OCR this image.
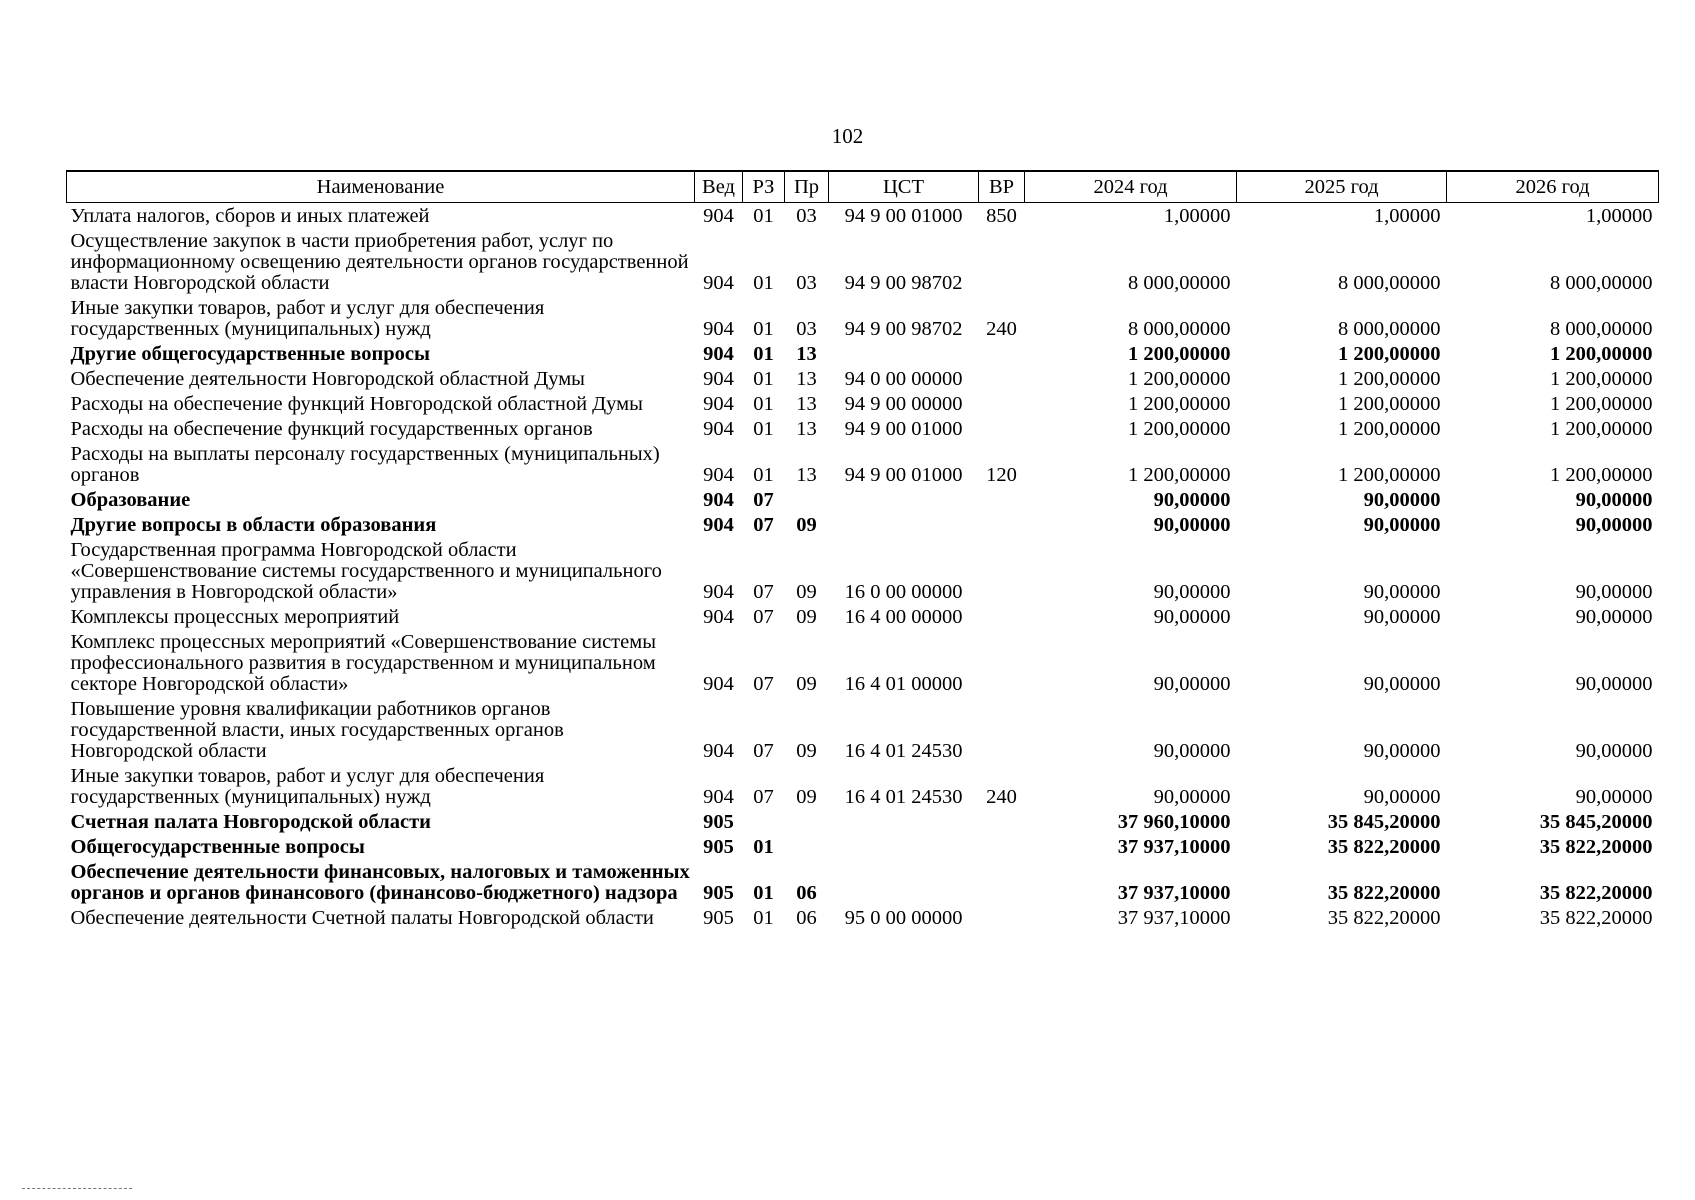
102
Наименование	Вед	РЗ	Пр	ЦСТ	ВР	2024 год	2025 год	2026 год
Уплата налогов, сборов и иных платежей	904	01	03	94 9 00 01000	850	1,00000	1,00000	1,00000
Осуществление закупок в части приобретения работ, услуг по информационному освещению деятельности органов государственной власти Новгородской области	904	01	03	94 9 00 98702		8 000,00000	8 000,00000	8 000,00000
Иные закупки товаров, работ и услуг для обеспечения государственных (муниципальных) нужд	904	01	03	94 9 00 98702	240	8 000,00000	8 000,00000	8 000,00000
Другие общегосударственные вопросы	904	01	13			1 200,00000	1 200,00000	1 200,00000
Обеспечение деятельности Новгородской областной Думы	904	01	13	94 0 00 00000		1 200,00000	1 200,00000	1 200,00000
Расходы на обеспечение функций Новгородской областной Думы	904	01	13	94 9 00 00000		1 200,00000	1 200,00000	1 200,00000
Расходы на обеспечение функций государственных органов	904	01	13	94 9 00 01000		1 200,00000	1 200,00000	1 200,00000
Расходы на выплаты персоналу государственных (муниципальных) органов	904	01	13	94 9 00 01000	120	1 200,00000	1 200,00000	1 200,00000
Образование	904	07				90,00000	90,00000	90,00000
Другие вопросы в области образования	904	07	09			90,00000	90,00000	90,00000
Государственная программа Новгородской области «Совершенствование системы государственного и муниципального управления в Новгородской области»	904	07	09	16 0 00 00000		90,00000	90,00000	90,00000
Комплексы процессных мероприятий	904	07	09	16 4 00 00000		90,00000	90,00000	90,00000
Комплекс процессных мероприятий «Совершенствование системы профессионального развития в государственном и муниципальном секторе Новгородской области»	904	07	09	16 4 01 00000		90,00000	90,00000	90,00000
Повышение уровня квалификации работников органов государственной власти, иных государственных органов Новгородской области	904	07	09	16 4 01 24530		90,00000	90,00000	90,00000
Иные закупки товаров, работ и услуг для обеспечения государственных (муниципальных) нужд	904	07	09	16 4 01 24530	240	90,00000	90,00000	90,00000
Счетная палата Новгородской области	905					37 960,10000	35 845,20000	35 845,20000
Общегосударственные вопросы	905	01				37 937,10000	35 822,20000	35 822,20000
Обеспечение деятельности финансовых, налоговых и таможенных органов и органов финансового (финансово-бюджетного) надзора	905	01	06			37 937,10000	35 822,20000	35 822,20000
Обеспечение деятельности Счетной палаты Новгородской области	905	01	06	95 0 00 00000		37 937,10000	35 822,20000	35 822,20000
